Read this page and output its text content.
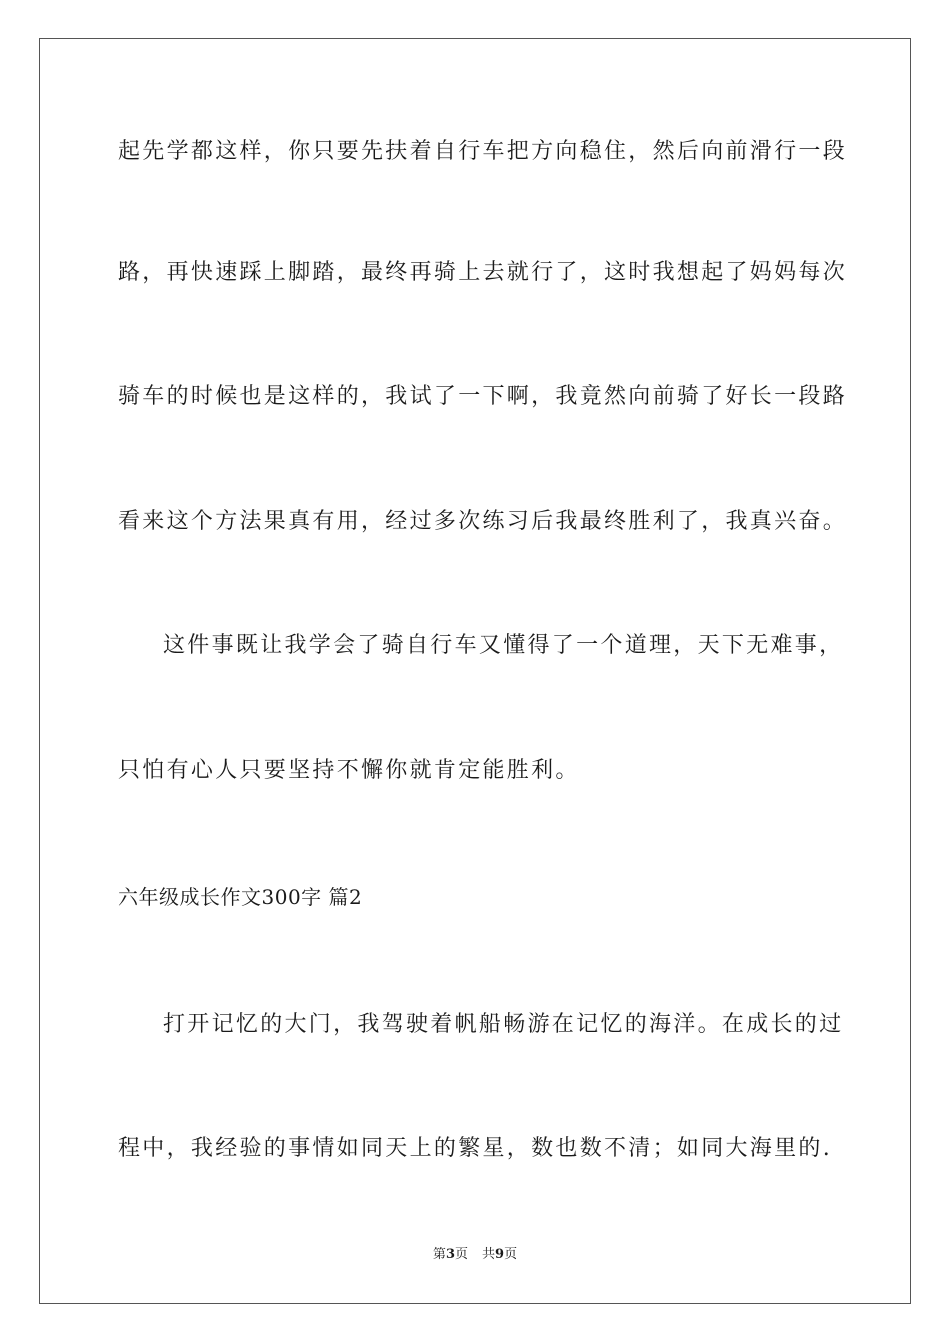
起先学都这样，你只要先扶着自行车把方向稳住，然后向前滑行一段
路，再快速踩上脚踏，最终再骑上去就行了，这时我想起了妈妈每次
骑车的时候也是这样的，我试了一下啊，我竟然向前骑了好长一段路
看来这个方法果真有用，经过多次练习后我最终胜利了，我真兴奋。
这件事既让我学会了骑自行车又懂得了一个道理，天下无难事，
只怕有心人只要坚持不懈你就肯定能胜利。
六年级成长作文300字 篇2
打开记忆的大门，我驾驶着帆船畅游在记忆的海洋。在成长的过
程中，我经验的事情如同天上的繁星，数也数不清；如同大海里的.
第3页 共9页
